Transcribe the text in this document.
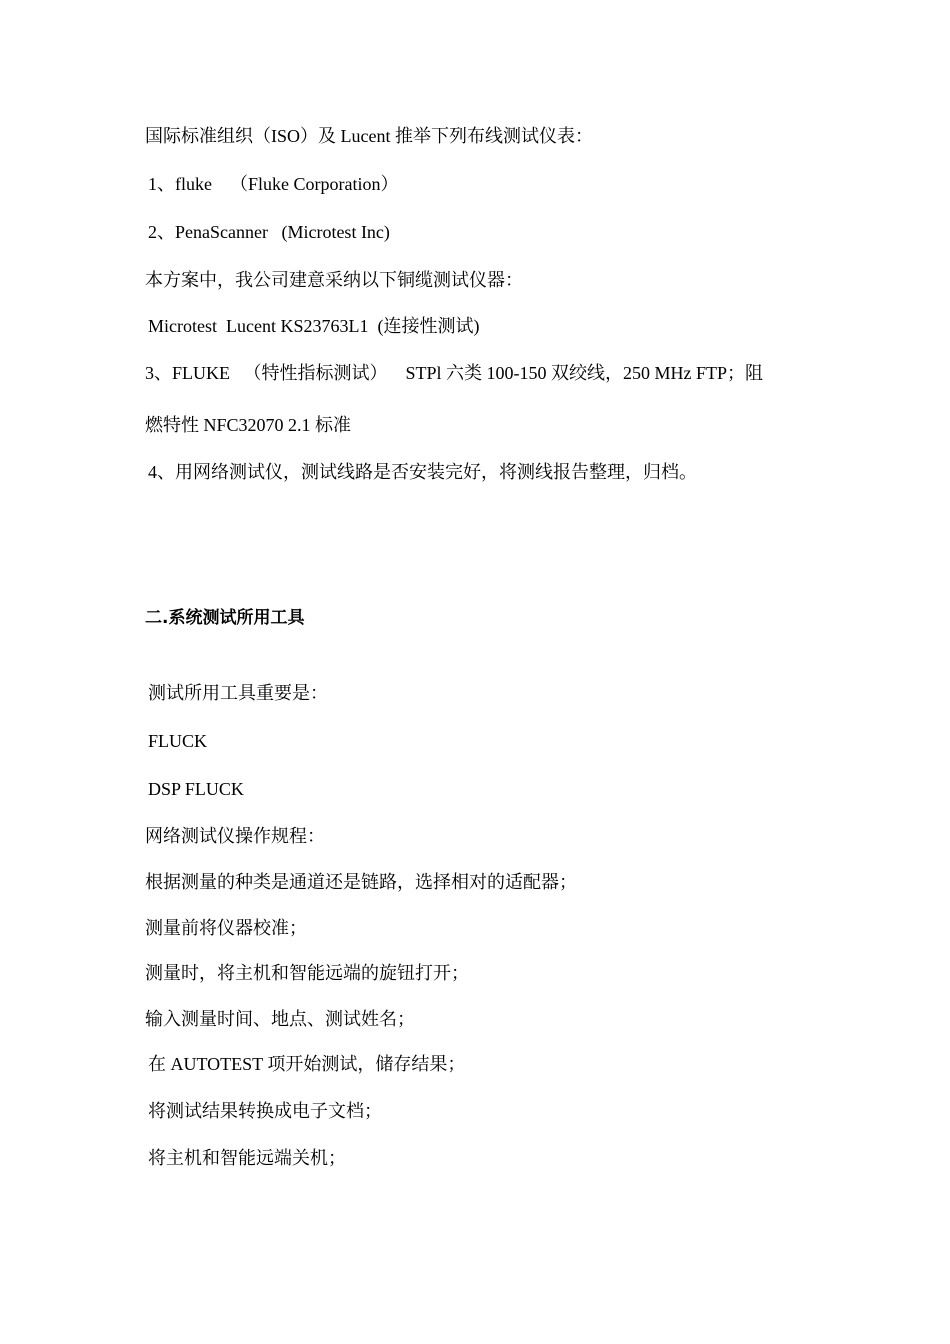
国际标准组织（ISO）及 Lucent 推举下列布线测试仪表：
1、fluke    （Fluke Corporation）
2、PenaScanner   (Microtest Inc)
本方案中，我公司建意采纳以下铜缆测试仪器：
Microtest  Lucent KS23763L1  (连接性测试)
3、FLUKE   （特性指标测试）    STPl 六类 100-150 双绞线，250 MHz FTP；阻
燃特性 NFC32070 2.1 标准
4、用网络测试仪，测试线路是否安装完好，将测线报告整理，归档。
二.系统测试所用工具
测试所用工具重要是：
FLUCK
DSP FLUCK
网络测试仪操作规程：
根据测量的种类是通道还是链路，选择相对的适配器；
测量前将仪器校准；
测量时，将主机和智能远端的旋钮打开；
输入测量时间、地点、测试姓名；
在 AUTOTEST 项开始测试，储存结果；
将测试结果转换成电子文档；
将主机和智能远端关机；
